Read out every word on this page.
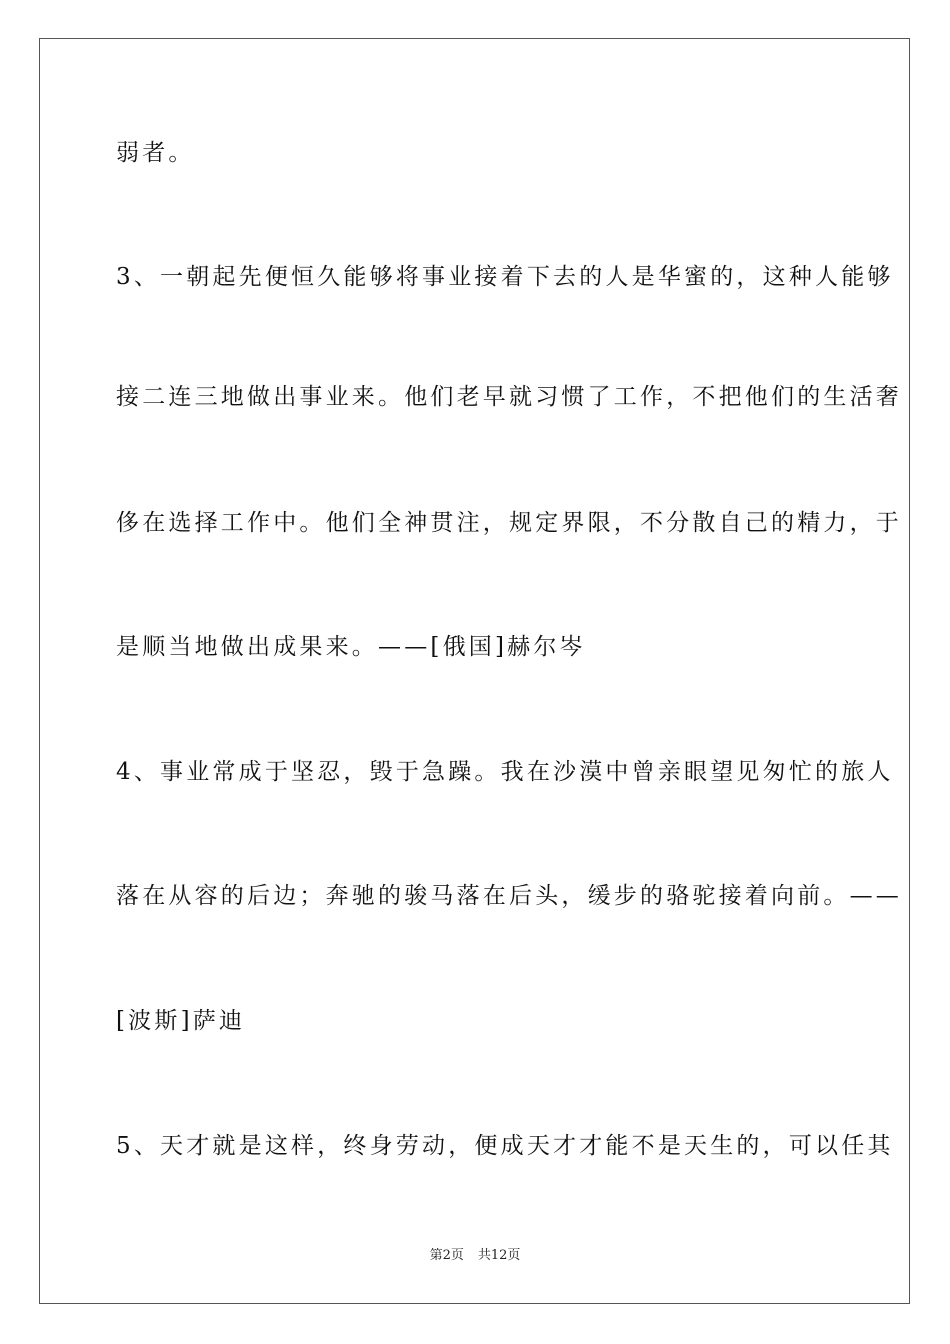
弱者。
3、一朝起先便恒久能够将事业接着下去的人是华蜜的，这种人能够
接二连三地做出事业来。他们老早就习惯了工作，不把他们的生活奢
侈在选择工作中。他们全神贯注，规定界限，不分散自己的精力，于
是顺当地做出成果来。——[俄国]赫尔岑
4、事业常成于坚忍，毁于急躁。我在沙漠中曾亲眼望见匆忙的旅人
落在从容的后边；奔驰的骏马落在后头，缓步的骆驼接着向前。——
[波斯]萨迪
5、天才就是这样，终身劳动，便成天才才能不是天生的，可以任其
第2页 共12页
